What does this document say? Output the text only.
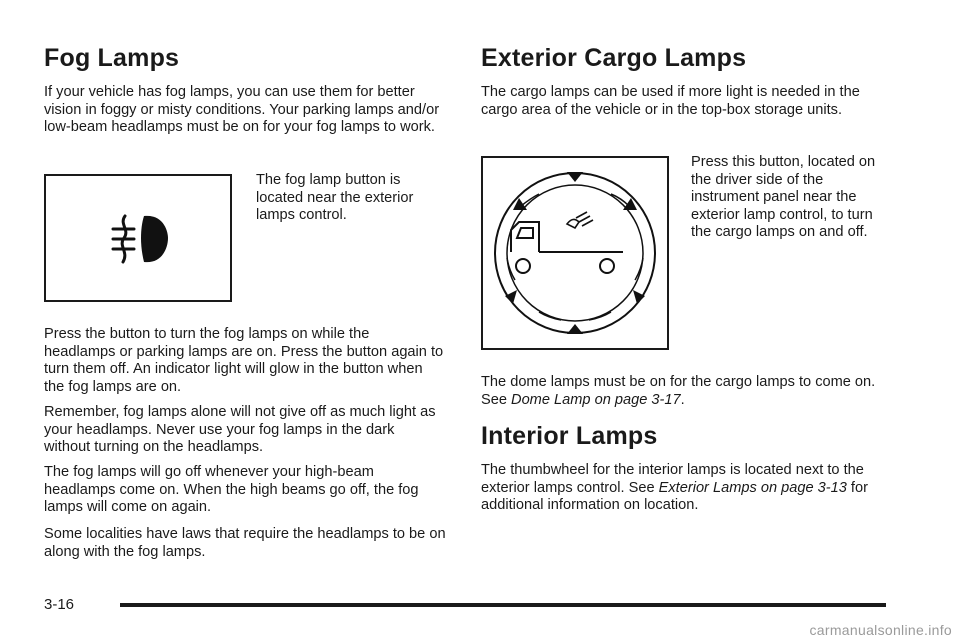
Fog Lamps

If your vehicle has fog lamps, you can use them for better vision in foggy or misty conditions. Your parking lamps and/or low-beam headlamps must be on for your fog lamps to work.

The fog lamp button is located near the exterior lamps control.

Press the button to turn the fog lamps on while the headlamps or parking lamps are on. Press the button again to turn them off. An indicator light will glow in the button when the fog lamps are on.

Remember, fog lamps alone will not give off as much light as your headlamps. Never use your fog lamps in the dark without turning on the headlamps.

The fog lamps will go off whenever your high-beam headlamps come on. When the high beams go off, the fog lamps will come on again.

Some localities have laws that require the headlamps to be on along with the fog lamps.

Exterior Cargo Lamps

The cargo lamps can be used if more light is needed in the cargo area of the vehicle or in the top-box storage units.

Press this button, located on the driver side of the instrument panel near the exterior lamp control, to turn the cargo lamps on and off.

The dome lamps must be on for the cargo lamps to come on. See Dome Lamp on page 3-17.

Interior Lamps

The thumbwheel for the interior lamps is located next to the exterior lamps control. See Exterior Lamps on page 3-13 for additional information on location.

3-16
carmanualsonline.info
